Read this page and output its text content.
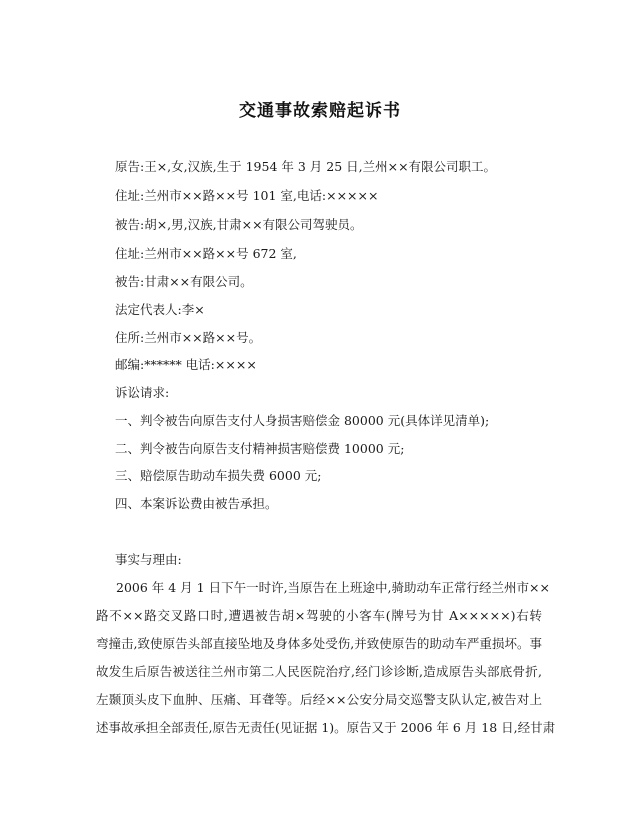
交通事故索赔起诉书
原告:王×,女,汉族,生于 1954 年 3 月 25 日,兰州××有限公司职工。
住址:兰州市××路××号 101 室,电话:×××××
被告:胡×,男,汉族,甘肃××有限公司驾驶员。
住址:兰州市××路××号 672 室,
被告:甘肃××有限公司。
法定代表人:李×
住所:兰州市××路××号。
邮编:****** 电话:××××
诉讼请求:
一、判令被告向原告支付人身损害赔偿金 80000 元(具体详见清单);
二、判令被告向原告支付精神损害赔偿费 10000 元;
三、赔偿原告助动车损失费 6000 元;
四、本案诉讼费由被告承担。
事实与理由:
2006 年 4 月 1 日下午一时许,当原告在上班途中,骑助动车正常行经兰州市××
路不××路交叉路口时,遭遇被告胡×驾驶的小客车(牌号为甘 A×××××)右转
弯撞击,致使原告头部直接坠地及身体多处受伤,并致使原告的助动车严重损坏。事
故发生后原告被送往兰州市第二人民医院治疗,经门诊诊断,造成原告头部底骨折,
左颞顶头皮下血肿、压痛、耳聋等。后经××公安分局交巡警支队认定,被告对上
述事故承担全部责任,原告无责任(见证据 1)。原告又于 2006 年 6 月 18 日,经甘肃
